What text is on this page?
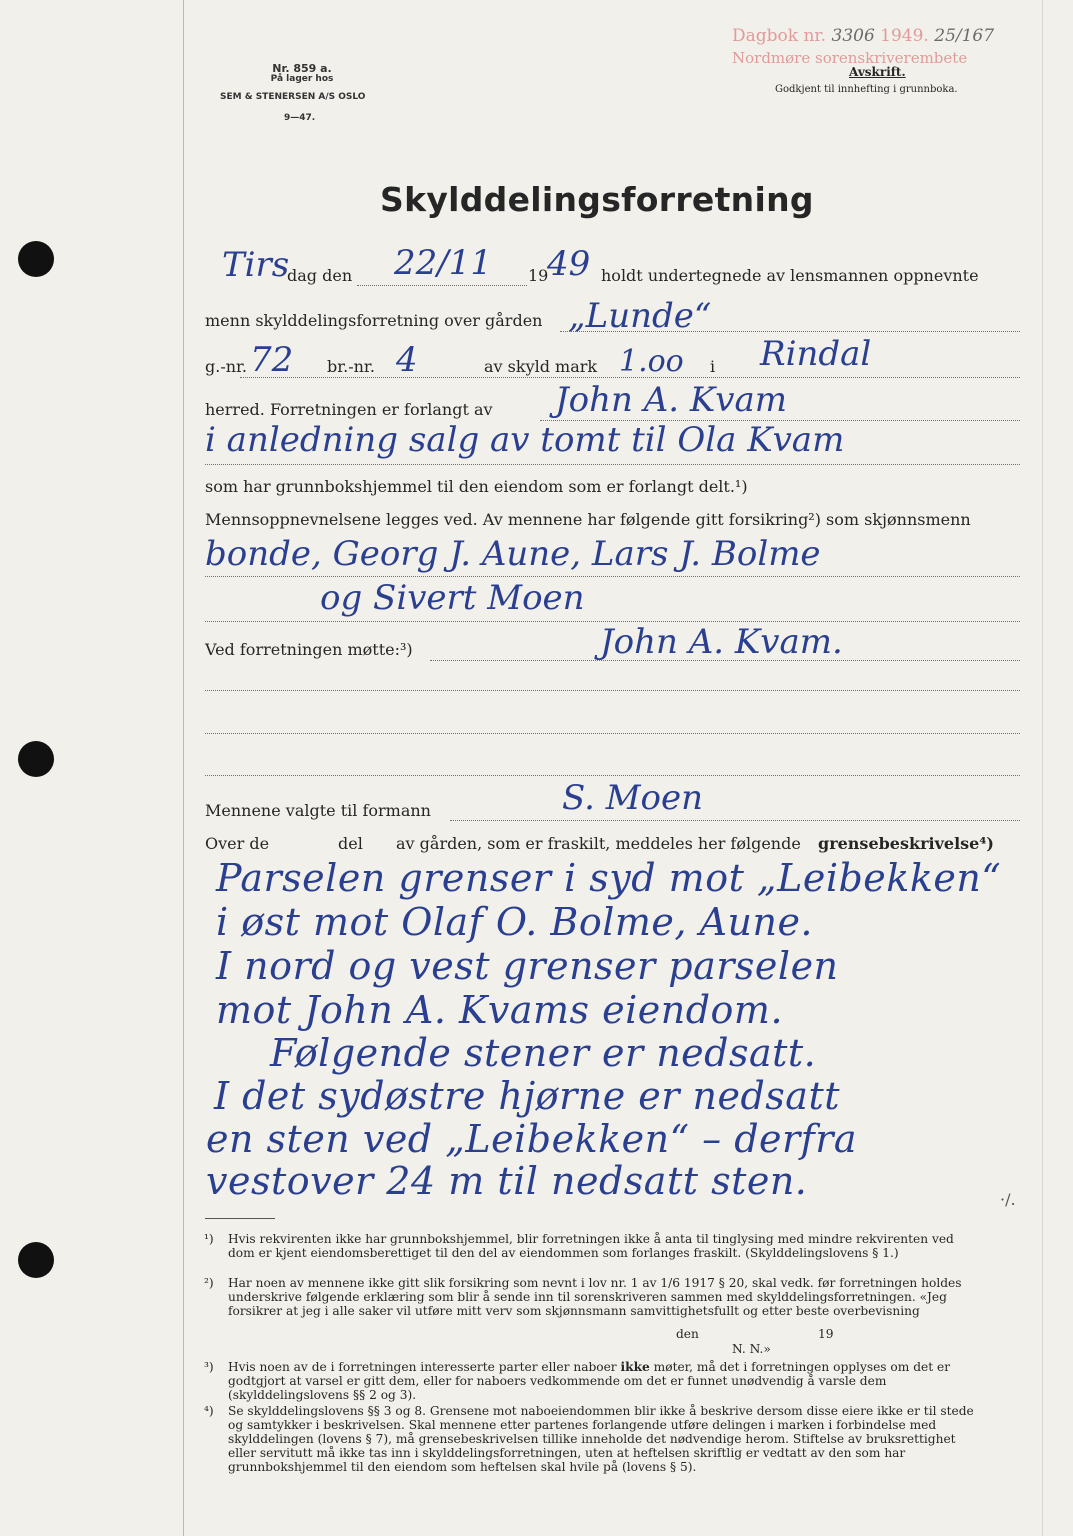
Nr. 859 a.
På lager hos
SEM & STENERSEN A/S OSLO
9—47.
Dagbok nr. 3306 1949. 25/167
Nordmøre sorenskriverembete
Avskrift.
Godkjent til innhefting i grunnboka.
Skylddelingsforretning
Tirs
dag den 22/11 19
49 holdt undertegnede av lensmannen oppnevnte
menn skylddelingsforretning over gården „Lunde“
g.-nr. 72 br.-nr. 4	av skyld mark 1.oo i Rindal
herred. Forretningen er forlangt av John A. Kvam
i anledning salg av tomt til Ola Kvam
som har grunnbokshjemmel til den eiendom som er forlangt delt.¹)
Mennsoppnevnelsene legges ved. Av mennene har følgende gitt forsikring²) som skjønnsmenn
bonde, Georg J. Aune, Lars J. Bolme
og Sivert Moen
Ved forretningen møtte:³)	John A. Kvam.
Mennene valgte til formann	S. Moen
Over de	del av gården, som er fraskilt, meddeles her følgende grensebeskrivelse⁴)
Parselen grenser i syd mot „Leibekken“
i øst mot Olaf O. Bolme, Aune.
I nord og vest grenser parselen
mot John A. Kvams eiendom.
Følgende stener er nedsatt.
I det sydøstre hjørne er nedsatt
en sten ved „Leibekken“ – derfra
vestover 24 m til nedsatt sten.	·/.
¹) Hvis rekvirenten ikke har grunnbokshjemmel, blir forretningen ikke å anta til tinglysing med mindre rekvirenten ved dom er kjent eiendomsberettiget til den del av eiendommen som forlanges fraskilt. (Skylddelingslovens § 1.)
²) Har noen av mennene ikke gitt slik forsikring som nevnt i lov nr. 1 av 1/6 1917 § 20, skal vedk. før forretningen holdes underskrive følgende erklæring som blir å sende inn til sorenskriveren sammen med skylddelingsforretningen. «Jeg forsikrer at jeg i alle saker vil utføre mitt verv som skjønnsmann samvittighetsfullt og etter beste overbevisning
den	19
N. N.»
³) Hvis noen av de i forretningen interesserte parter eller naboer ikke møter, må det i forretningen opplyses om det er godtgjort at varsel er gitt dem, eller for naboers vedkommende om det er funnet unødvendig å varsle dem (skylddelingslovens §§ 2 og 3).
⁴) Se skylddelingslovens §§ 3 og 8. Grensene mot naboeiendommen blir ikke å beskrive dersom disse eiere ikke er til stede og samtykker i beskrivelsen. Skal mennene etter partenes forlangende utføre delingen i marken i forbindelse med skylddelingen (lovens § 7), må grensebeskrivelsen tillike inneholde det nødvendige herom. Stiftelse av bruksrettighet eller servitutt må ikke tas inn i skylddelingsforretningen, uten at heftelsen skriftlig er vedtatt av den som har grunnbokshjemmel til den eiendom som heftelsen skal hvile på (lovens § 5).
